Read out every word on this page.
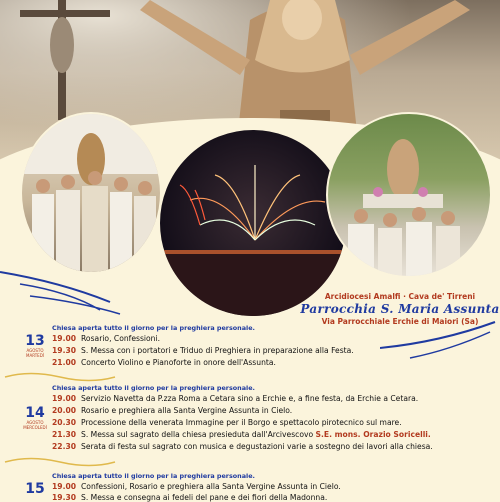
Arcidiocesi Amalfi · Cava de' Tirreni
Parrocchia S. Maria Assunta
Via Parrocchiale Erchie di Maiori (Sa)
Chiesa aperta tutto il giorno per la preghiera personale.
13
AGOSTO
MARTEDÌ
19.00 Rosario, Confessioni.
19.30 S. Messa con i portatori e Triduo di Preghiera in preparazione alla Festa.
21.00 Concerto Violino e Pianoforte in onore dell'Assunta.
Chiesa aperta tutto il giorno per la preghiera personale.
14
AGOSTO
MERCOLEDÌ
19.00 Servizio Navetta da P.zza Roma a Cetara sino a Erchie e, a fine festa, da Erchie a Cetara.
20.00 Rosario e preghiera alla Santa Vergine Assunta in Cielo.
20.30 Processione della venerata Immagine per il Borgo e spettacolo pirotecnico sul mare.
21.30 S. Messa sul sagrato della chiesa presieduta dall'Arcivescovo S.E. mons. Orazio Soricelli.
22.30 Serata di festa sul sagrato con musica e degustazioni varie a sostegno dei lavori alla chiesa.
Chiesa aperta tutto il giorno per la preghiera personale.
15 19.00 Confessioni, Rosario e preghiera alla Santa Vergine Assunta in Cielo.
19.30 S. Messa e consegna ai fedeli del pane e dei fiori della Madonna.
